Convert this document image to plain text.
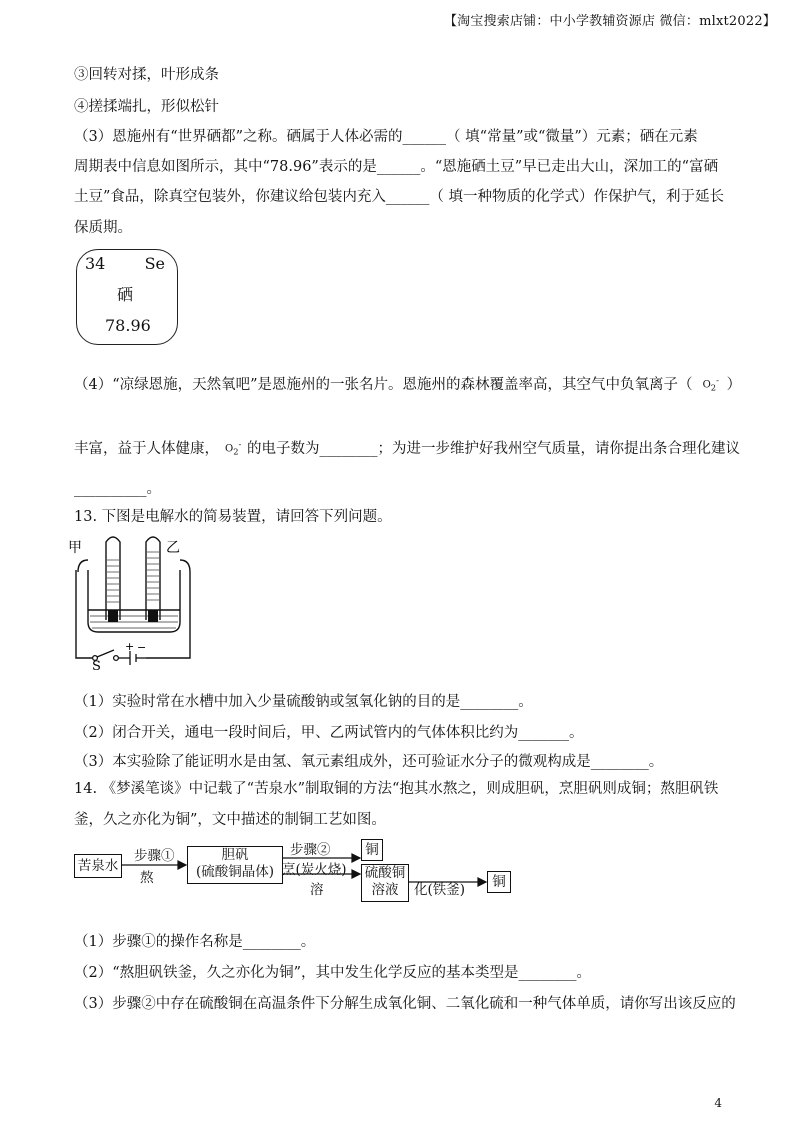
【淘宝搜索店铺：中小学教辅资源店 微信：mlxt2022】
③回转对揉，叶形成条
④搓揉端扎，形似松针
（3）恩施州有“世界硒都”之称。硒属于人体必需的______（ 填“常量”或“微量”）元素；硒在元素
周期表中信息如图所示，其中“78.96”表示的是______。“恩施硒土豆”早已走出大山，深加工的“富硒
土豆”食品，除真空包装外，你建议给包装内充入______（ 填一种物质的化学式）作保护气，利于延长
保质期。
34 Se
硒
78.96
（4）“凉绿恩施，天然氧吧”是恩施州的一张名片。恩施州的森林覆盖率高，其空气中负氧离子（ $O_2^-$ ）
丰富，益于人体健康， $O_2^-$ 的电子数为________；为进一步维护好我州空气质量，请你提出条合理化建议
__________。
13. 下图是电解水的简易装置，请回答下列问题。
甲	乙
S
+ −
（1）实验时常在水槽中加入少量硫酸钠或氢氧化钠的目的是________。
（2）闭合开关，通电一段时间后，甲、乙两试管内的气体体积比约为_______。
（3）本实验除了能证明水是由氢、氧元素组成外，还可验证水分子的微观构成是________。
14. 《梦溪笔谈》中记载了“苦泉水”制取铜的方法“抱其水熬之，则成胆矾，烹胆矾则成铜；熬胆矾铁
釜，久之亦化为铜”，文中描述的制铜工艺如图。
苦泉水
步骤①
熬
胆矾
(硫酸铜晶体)
步骤②
烹(炭火烧)
溶
铜
硫酸铜
溶液	化(铁釜)	铜
（1）步骤①的操作名称是________。
（2）“熬胆矾铁釜，久之亦化为铜”，其中发生化学反应的基本类型是________。
（3）步骤②中存在硫酸铜在高温条件下分解生成氧化铜、二氧化硫和一种气体单质，请你写出该反应的
4
